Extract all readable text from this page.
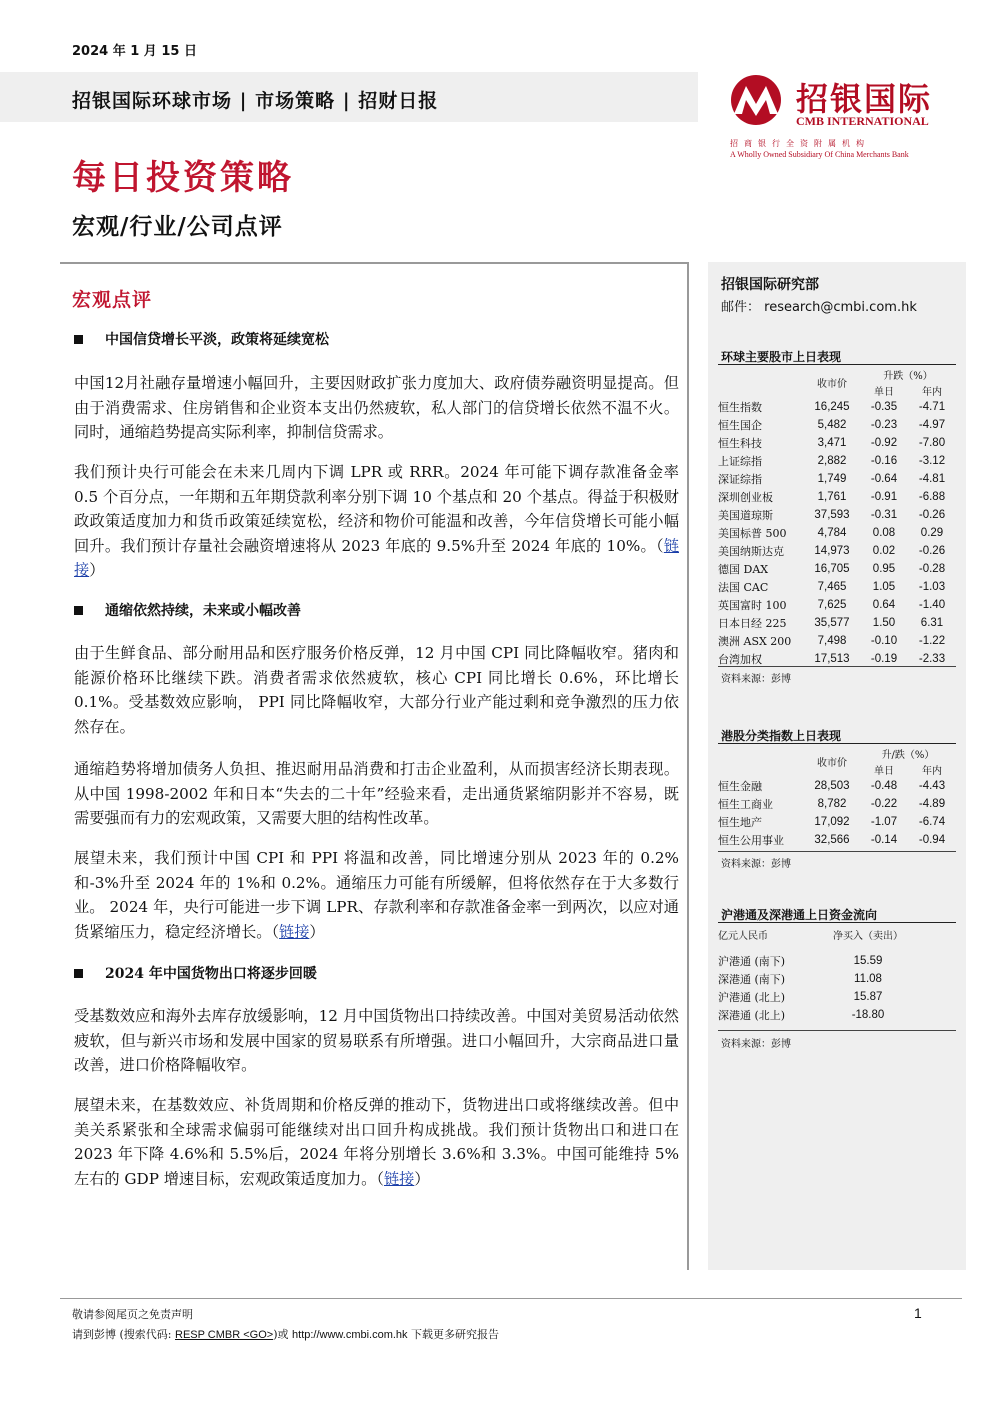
2024 年 1 月 15 日
招银国际环球市场 | 市场策略 | 招财日报	招银国际
CMB INTERNATIONAL
招商银行全资附属机构
A Wholly Owned Subsidiary Of China Merchants Bank
每日投资策略
宏观/行业/公司点评
宏观点评
中国信贷增长平淡，政策将延续宽松
中国12月社融存量增速小幅回升，主要因财政扩张力度加大、政府债券融资明显提高。但由于消费需求、住房销售和企业资本支出仍然疲软，私人部门的信贷增长依然不温不火。同时，通缩趋势提高实际利率，抑制信贷需求。
我们预计央行可能会在未来几周内下调 LPR 或 RRR。2024 年可能下调存款准备金率 0.5 个百分点，一年期和五年期贷款利率分别下调 10 个基点和 20 个基点。得益于积极财政政策适度加力和货币政策延续宽松，经济和物价可能温和改善，今年信贷增长可能小幅回升。我们预计存量社会融资增速将从 2023 年底的 9.5%升至 2024 年底的 10%。（链接）
通缩依然持续，未来或小幅改善
由于生鲜食品、部分耐用品和医疗服务价格反弹，12 月中国 CPI 同比降幅收窄。猪肉和能源价格环比继续下跌。消费者需求依然疲软，核心 CPI 同比增长 0.6%，环比增长 0.1%。受基数效应影响， PPI 同比降幅收窄，大部分行业产能过剩和竞争激烈的压力依然存在。
通缩趋势将增加债务人负担、推迟耐用品消费和打击企业盈利，从而损害经济长期表现。从中国 1998-2002 年和日本“失去的二十年”经验来看，走出通货紧缩阴影并不容易，既需要强而有力的宏观政策，又需要大胆的结构性改革。
展望未来，我们预计中国 CPI 和 PPI 将温和改善，同比增速分别从 2023 年的 0.2%和-3%升至 2024 年的 1%和 0.2%。通缩压力可能有所缓解，但将依然存在于大多数行业。 2024 年，央行可能进一步下调 LPR、存款利率和存款准备金率一到两次，以应对通货紧缩压力，稳定经济增长。（链接）
2024 年中国货物出口将逐步回暖
受基数效应和海外去库存放缓影响，12 月中国货物出口持续改善。中国对美贸易活动依然疲软，但与新兴市场和发展中国家的贸易联系有所增强。进口小幅回升，大宗商品进口量改善，进口价格降幅收窄。
展望未来，在基数效应、补货周期和价格反弹的推动下，货物进出口或将继续改善。但中美关系紧张和全球需求偏弱可能继续对出口回升构成挑战。我们预计货物出口和进口在 2023 年下降 4.6%和 5.5%后，2024 年将分别增长 3.6%和 3.3%。中国可能维持 5%左右的 GDP 增速目标，宏观政策适度加力。（链接）
招银国际研究部
邮件： research@cmbi.com.hk
环球主要股市上日表现
	收市价	升跌（%）	
		单日	年内
恒生指数	16,245	-0.35	-4.71
恒生国企	5,482	-0.23	-4.97
恒生科技	3,471	-0.92	-7.80
上证综指	2,882	-0.16	-3.12
深证综指	1,749	-0.64	-4.81
深圳创业板	1,761	-0.91	-6.88
美国道琼斯	37,593	-0.31	-0.26
美国标普 500	4,784	0.08	0.29
美国纳斯达克	14,973	0.02	-0.26
德国 DAX	16,705	0.95	-0.28
法国 CAC	7,465	1.05	-1.03
英国富时 100	7,625	0.64	-1.40
日本日经 225	35,577	1.50	6.31
澳洲 ASX 200	7,498	-0.10	-1.22
台湾加权	17,513	-0.19	-2.33
资料来源：彭博
港股分类指数上日表现
	收市价	升/跌（%）	
		单日	年内
恒生金融	28,503	-0.48	-4.43
恒生工商业	8,782	-0.22	-4.89
恒生地产	17,092	-1.07	-6.74
恒生公用事业	32,566	-0.14	-0.94
资料来源：彭博
沪港通及深港通上日资金流向
亿元人民币	净买入（卖出）	

沪港通 (南下)	15.59	
深港通 (南下)	11.08	
沪港通 (北上)	15.87	
深港通 (北上)	-18.80	
资料来源：彭博
敬请参阅尾页之免责声明
请到彭博 (搜索代码: RESP CMBR <GO>)或 http://www.cmbi.com.hk 下载更多研究报告
1
